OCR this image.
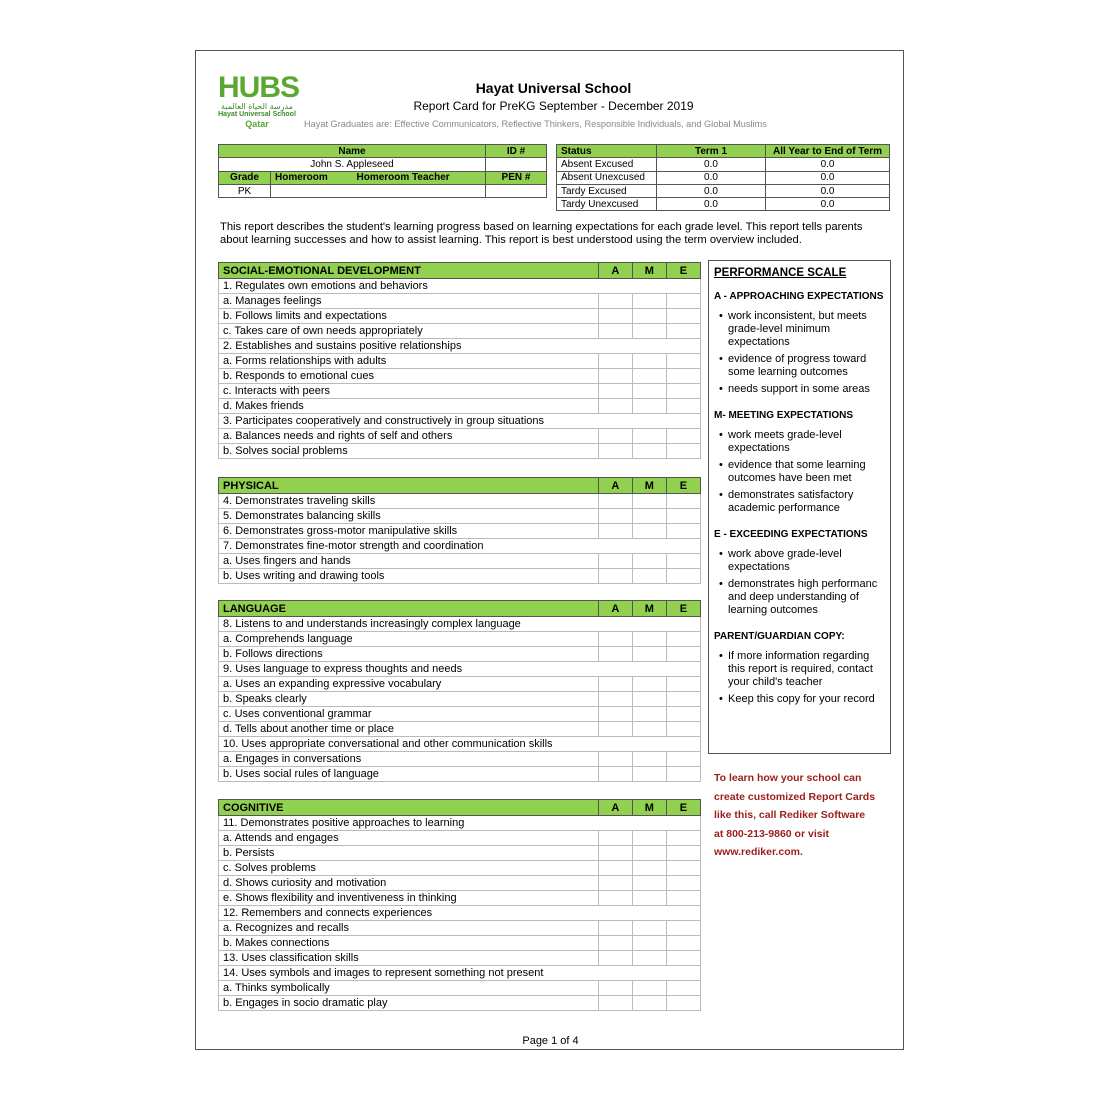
HUBS
مدرسة الحياة العالمية
Hayat Universal School
Qatar
Hayat Universal School
Report Card for PreKG September - December 2019
Hayat Graduates are: Effective Communicators, Reflective Thinkers, Responsible Individuals, and Global Muslims
Name			ID #
John S. Appleseed			
Grade	Homeroom	Homeroom Teacher	PEN #
PK			
Status	Term 1	All Year to End of Term
Absent Excused	0.0	0.0
Absent Unexcused	0.0	0.0
Tardy Excused	0.0	0.0
Tardy Unexcused	0.0	0.0
This report describes the student's learning progress based on learning expectations for each grade level. This report tells parents about learning successes and how to assist learning. This report is best understood using the term overview included.
SOCIAL-EMOTIONAL DEVELOPMENT	A	M	E
1. Regulates own emotions and behaviors			
a. Manages feelings			
b. Follows limits and expectations			
c. Takes care of own needs appropriately			
2. Establishes and sustains positive relationships			
a. Forms relationships with adults			
b. Responds to emotional cues			
c. Interacts with peers			
d. Makes friends			
3. Participates cooperatively and constructively in group situations			
a. Balances needs and rights of self and others			
b. Solves social problems			
PHYSICAL	A	M	E
4. Demonstrates traveling skills			
5. Demonstrates balancing skills			
6. Demonstrates gross-motor manipulative skills			
7. Demonstrates fine-motor strength and coordination			
a. Uses fingers and hands			
b. Uses writing and drawing tools			
LANGUAGE	A	M	E
8. Listens to and understands increasingly complex language			
a. Comprehends language			
b. Follows directions			
9. Uses language to express thoughts and needs			
a. Uses an expanding expressive vocabulary			
b. Speaks clearly			
c. Uses conventional grammar			
d. Tells about another time or place			
10. Uses appropriate conversational and other communication skills			
a. Engages in conversations			
b. Uses social rules of language			
COGNITIVE	A	M	E
11. Demonstrates positive approaches to learning			
a. Attends and engages			
b. Persists			
c. Solves problems			
d. Shows curiosity and motivation			
e. Shows flexibility and inventiveness in thinking			
12. Remembers and connects experiences			
a. Recognizes and recalls			
b. Makes connections			
13. Uses classification skills			
14. Uses symbols and images to represent something not present			
a. Thinks symbolically			
b. Engages in socio dramatic play			
PERFORMANCE SCALE
A - APPROACHING EXPECTATIONS
• work inconsistent, but meets grade-level minimum expectations
• evidence of progress toward some learning outcomes
• needs support in some areas
M- MEETING EXPECTATIONS
• work meets grade-level expectations
• evidence that some learning outcomes have been met
• demonstrates satisfactory academic performance
E - EXCEEDING EXPECTATIONS
• work above grade-level expectations
• demonstrates high performanc and deep understanding of learning outcomes
PARENT/GUARDIAN COPY:
• If more information regarding this report is required, contact your child's teacher
• Keep this copy for your record
To learn how your school can
create customized Report Cards
like this, call Rediker Software
at 800-213-9860 or visit
www.rediker.com.
Page 1 of 4
